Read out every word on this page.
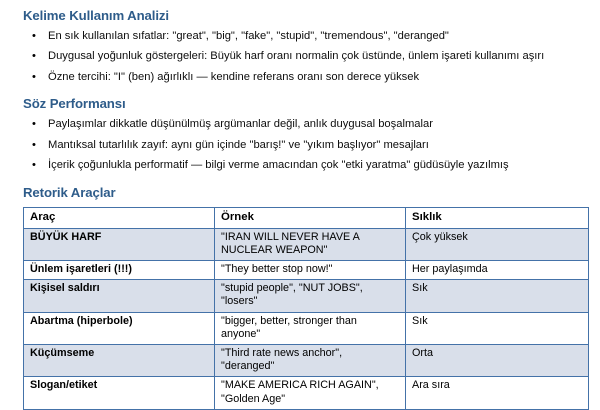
Kelime Kullanım Analizi
• En sık kullanılan sıfatlar: "great", "big", "fake", "stupid", "tremendous", "deranged"
• Duygusal yoğunluk göstergeleri: Büyük harf oranı normalin çok üstünde, ünlem işareti kullanımı aşırı
• Özne tercihi: "I" (ben) ağırlıklı — kendine referans oranı son derece yüksek
Söz Performansı
• Paylaşımlar dikkatle düşünülmüş argümanlar değil, anlık duygusal boşalmalar
• Mantıksal tutarlılık zayıf: aynı gün içinde "barış!" ve "yıkım başlıyor" mesajları
• İçerik çoğunlukla performatif — bilgi verme amacından çok "etki yaratma" güdüsüyle yazılmış
Retorik Araçlar
Araç	Örnek	Sıklık
BÜYÜK HARF	"IRAN WILL NEVER HAVE A
NUCLEAR WEAPON"	Çok yüksek
Ünlem işaretleri (!!!)	"They better stop now!"	Her paylaşımda
Kişisel saldırı	"stupid people", "NUT JOBS",
"losers"	Sık
Abartma (hiperbole)	"bigger, better, stronger than
anyone"	Sık
Küçümseme	"Third rate news anchor",
"deranged"	Orta
Slogan/etiket	"MAKE AMERICA RICH AGAIN",
"Golden Age"	Ara sıra
